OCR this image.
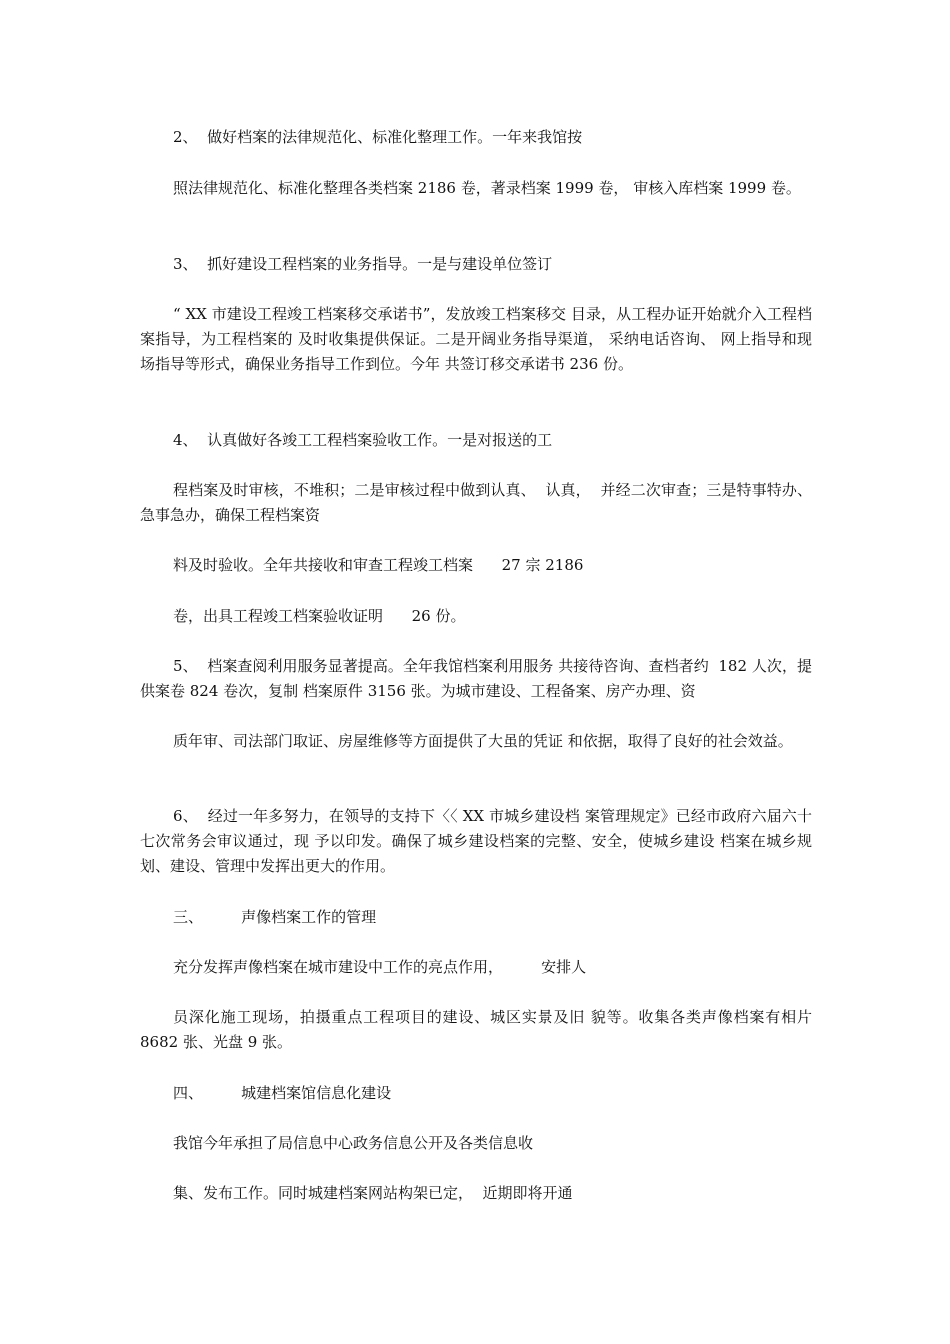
2、  做好档案的法律规范化、标准化整理工作。一年来我馆按

照法律规范化、标准化整理各类档案 2186 卷，著录档案 1999 卷， 审核入库档案 1999 卷。

3、  抓好建设工程档案的业务指导。一是与建设单位签订

“ XX 市建设工程竣工档案移交承诺书”，发放竣工档案移交 目录，从工程办证开始就介入工程档案指导，为工程档案的 及时收集提供保证。二是开阔业务指导渠道， 采纳电话咨询、 网上指导和现场指导等形式，确保业务指导工作到位。今年 共签订移交承诺书 236 份。

4、  认真做好各竣工工程档案验收工作。一是对报送的工

程档案及时审核，不堆积；二是审核过程中做到认真、  认真，  并经二次审查；三是特事特办、急事急办，确保工程档案资

料及时验收。全年共接收和审查工程竣工档案      27 宗 2186

卷，出具工程竣工档案验收证明      26 份。

5、  档案查阅利用服务显著提高。全年我馆档案利用服务 共接待咨询、查档者约  182 人次，提供案卷 824 卷次，复制 档案原件 3156 张。为城市建设、工程备案、房产办理、资

质年审、司法部门取证、房屋维修等方面提供了大虽的凭证 和依据，取得了良好的社会效益。

6、  经过一年多努力，在领导的支持下〈〈 XX 市城乡建设档 案管理规定》已经市政府六届六十七次常务会审议通过，现 予以印发。确保了城乡建设档案的完整、安全，使城乡建设 档案在城乡规划、建设、管理中发挥出更大的作用。

三、        声像档案工作的管理

充分发挥声像档案在城市建设中工作的亮点作用，        安排人

员深化施工现场，拍摄重点工程项目的建设、城区实景及旧 貌等。收集各类声像档案有相片   8682 张、光盘 9 张。

四、        城建档案馆信息化建设

我馆今年承担了局信息中心政务信息公开及各类信息收

集、发布工作。同时城建档案网站构架已定，  近期即将开通
